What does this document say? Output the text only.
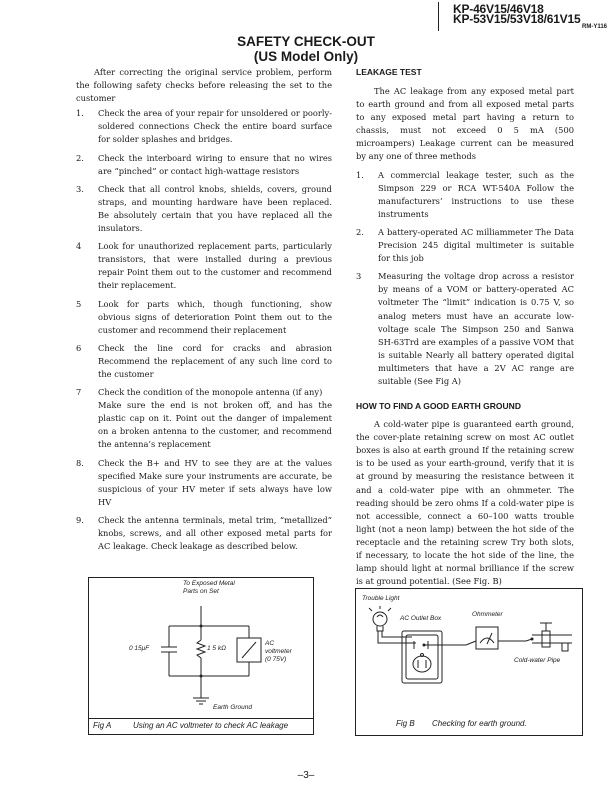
KP-46V15/46V18
KP-53V15/53V18/61V15
RM-Y116
SAFETY CHECK-OUT
(US Model Only)

After correcting the original service problem, perform the following safety checks before releasing the set to the customer

1. Check the area of your repair for unsoldered or poorly-soldered connections Check the entire board surface for solder splashes and bridges.
2. Check the interboard wiring to ensure that no wires are “pinched” or contact high-wattage resistors
3. Check that all control knobs, shields, covers, ground straps, and mounting hardware have been replaced. Be absolutely certain that you have replaced all the insulators.
4 Look for unauthorized replacement parts, particularly transistors, that were installed during a previous repair Point them out to the customer and recommend their replacement.
5 Look for parts which, though functioning, show obvious signs of deterioration Point them out to the customer and recommend their replacement
6 Check the line cord for cracks and abrasion Recommend the replacement of any such line cord to the customer
7 Check the condition of the monopole antenna (if any)

Make sure the end is not broken off, and has the plastic cap on it. Point out the danger of impalement on a broken antenna to the customer, and recommend the antenna’s replacement

8. Check the B+ and HV to see they are at the values specified Make sure your instruments are accurate, be suspicious of your HV meter if sets always have low HV
9. Check the antenna terminals, metal trim, “metallized” knobs, screws, and all other exposed metal parts for AC leakage. Check leakage as described below.
LEAKAGE TEST

The AC leakage from any exposed metal part to earth ground and from all exposed metal parts to any exposed metal part having a return to chassis, must not exceed 0 5 mA (500 microampers) Leakage current can be measured by any one of three methods

1. A commercial leakage tester, such as the Simpson 229 or RCA WT-540A Follow the manufacturers’ instructions to use these instruments
2. A battery-operated AC milliammeter The Data Precision 245 digital multimeter is suitable for this job
3 Measuring the voltage drop across a resistor by means of a VOM or battery-operated AC voltmeter The “limit” indication is 0.75 V, so analog meters must have an accurate low-voltage scale The Simpson 250 and Sanwa SH-63Trd are examples of a passive VOM that is suitable Nearly all battery operated digital multimeters that have a 2V AC range are suitable (See Fig A)
HOW TO FIND A GOOD EARTH GROUND

A cold-water pipe is guaranteed earth ground, the cover-plate retaining screw on most AC outlet boxes is also at earth ground If the retaining screw is to be used as your earth-ground, verify that it is at ground by measuring the resistance between it and a cold-water pipe with an ohmmeter. The reading should be zero ohms If a cold-water pipe is not accessible, connect a 60–100 watts trouble light (not a neon lamp) between the hot side of the receptacle and the retaining screw Try both slots, if necessary, to locate the hot side of the line, the lamp should light at normal brilliance if the screw is at ground potential. (See Fig. B)

To Exposed Metal
Parts on Set
0 15μF	1 5 kΩ
AC
voltmeter
(0 75V)
Earth Ground
Fig A	Using an AC voltmeter to check AC leakage
Trouble Light
AC Outlet Box
Ohmmeter
Cold-water Pipe
Fig B Checking for earth ground.
–3–
